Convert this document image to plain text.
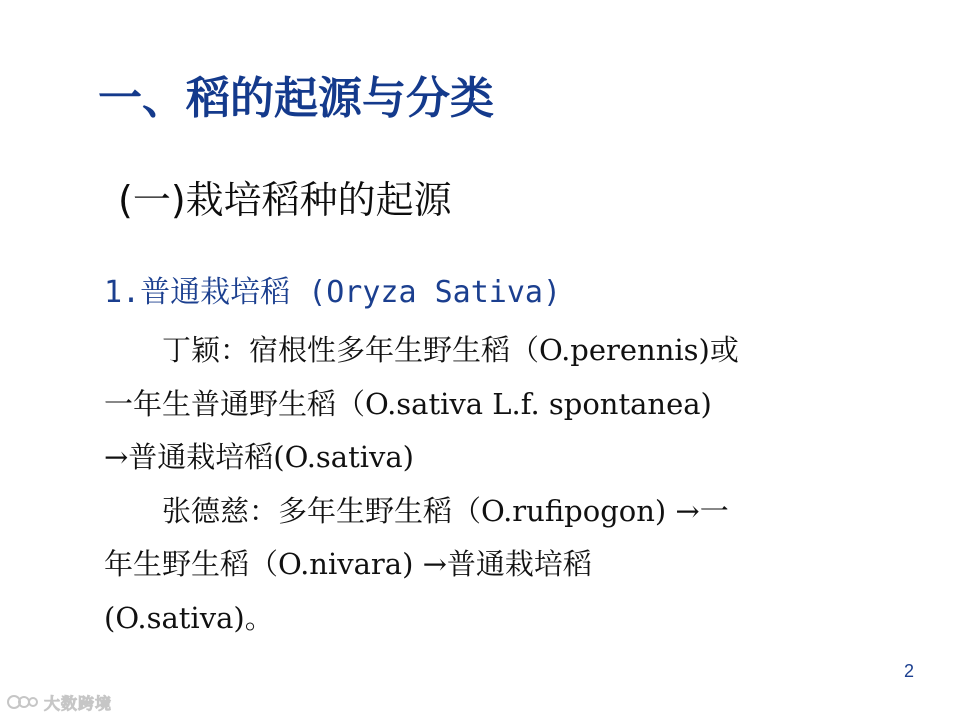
一、稻的起源与分类
(一)栽培稻种的起源
1.普通栽培稻 (Oryza Sativa)
丁颖：宿根性多年生野生稻（O.perennis)或
一年生普通野生稻（O.sativa L.f. spontanea)
→普通栽培稻(O.sativa)
张德慈：多年生野生稻（O.rufipogon) →一
年生野生稻（O.nivara) →普通栽培稻
(O.sativa)。
2
大数跨境
